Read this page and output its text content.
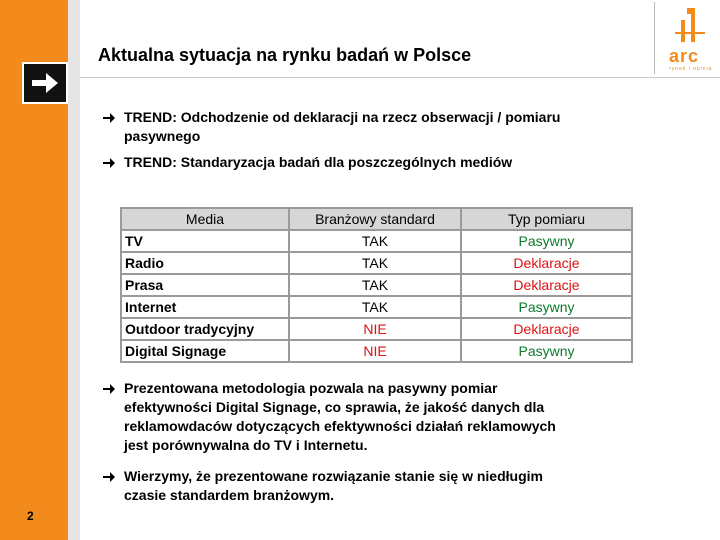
Aktualna sytuacja na rynku badań w Polsce	arc
rynek i opinia
TREND: Odchodzenie od deklaracji na rzecz obserwacji / pomiaru
pasywnego
TREND: Standaryzacja badań dla poszczególnych mediów
Media	Branżowy standard	Typ pomiaru
TV	TAK	Pasywny
Radio	TAK	Deklaracje
Prasa	TAK	Deklaracje
Internet	TAK	Pasywny
Outdoor tradycyjny	NIE	Deklaracje
Digital Signage	NIE	Pasywny
Prezentowana metodologia pozwala na pasywny pomiar
efektywności Digital Signage, co sprawia, że jakość danych dla
reklamowdaców dotyczących efektywności działań reklamowych
jest porównywalna do TV i Internetu.
Wierzymy, że prezentowane rozwiązanie stanie się w niedługim
czasie standardem branżowym.
2
